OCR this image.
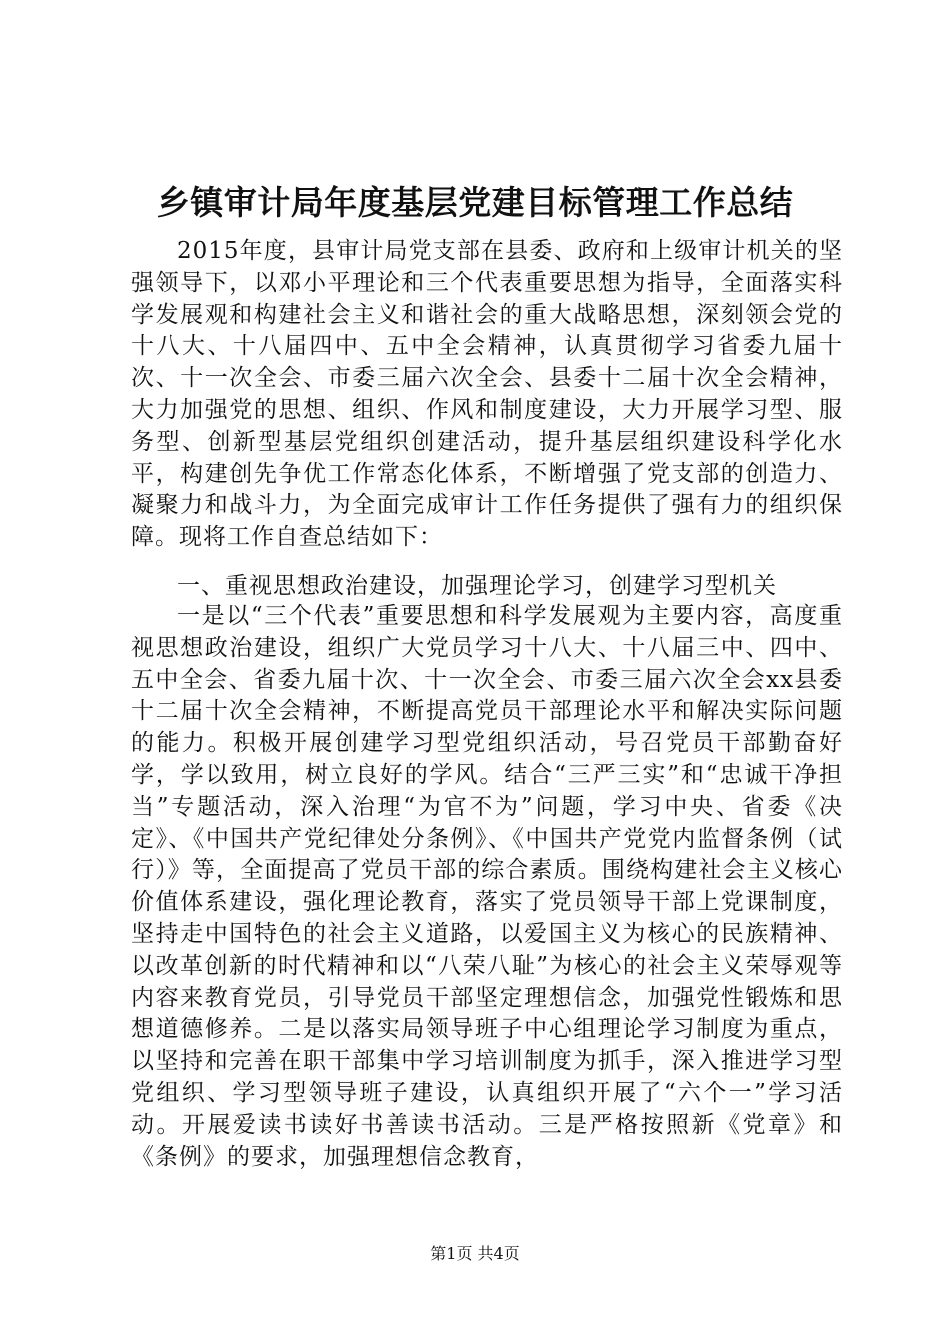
乡镇审计局年度基层党建目标管理工作总结
2015年度，县审计局党支部在县委、政府和上级审计机关的坚强领导下，以邓小平理论和三个代表重要思想为指导，全面落实科学发展观和构建社会主义和谐社会的重大战略思想，深刻领会党的十八大、十八届四中、五中全会精神，认真贯彻学习省委九届十次、十一次全会、市委三届六次全会、县委十二届十次全会精神，大力加强党的思想、组织、作风和制度建设，大力开展学习型、服务型、创新型基层党组织创建活动，提升基层组织建设科学化水平，构建创先争优工作常态化体系，不断增强了党支部的创造力、凝聚力和战斗力，为全面完成审计工作任务提供了强有力的组织保障。现将工作自查总结如下：
一、重视思想政治建设，加强理论学习，创建学习型机关
一是以“三个代表”重要思想和科学发展观为主要内容，高度重视思想政治建设，组织广大党员学习十八大、十八届三中、四中、五中全会、省委九届十次、十一次全会、市委三届六次全会xx县委十二届十次全会精神，不断提高党员干部理论水平和解决实际问题的能力。积极开展创建学习型党组织活动，号召党员干部勤奋好学，学以致用，树立良好的学风。结合“三严三实”和“忠诚干净担当”专题活动，深入治理“为官不为”问题，学习中央、省委《决定》、《中国共产党纪律处分条例》、《中国共产党党内监督条例（试行）》等，全面提高了党员干部的综合素质。围绕构建社会主义核心价值体系建设，强化理论教育，落实了党员领导干部上党课制度，坚持走中国特色的社会主义道路，以爱国主义为核心的民族精神、以改革创新的时代精神和以“八荣八耻”为核心的社会主义荣辱观等内容来教育党员，引导党员干部坚定理想信念，加强党性锻炼和思想道德修养。二是以落实局领导班子中心组理论学习制度为重点，以坚持和完善在职干部集中学习培训制度为抓手，深入推进学习型党组织、学习型领导班子建设，认真组织开展了“六个一”学习活动。开展爱读书读好书善读书活动。三是严格按照新《党章》和《条例》的要求，加强理想信念教育，
第1页 共4页
